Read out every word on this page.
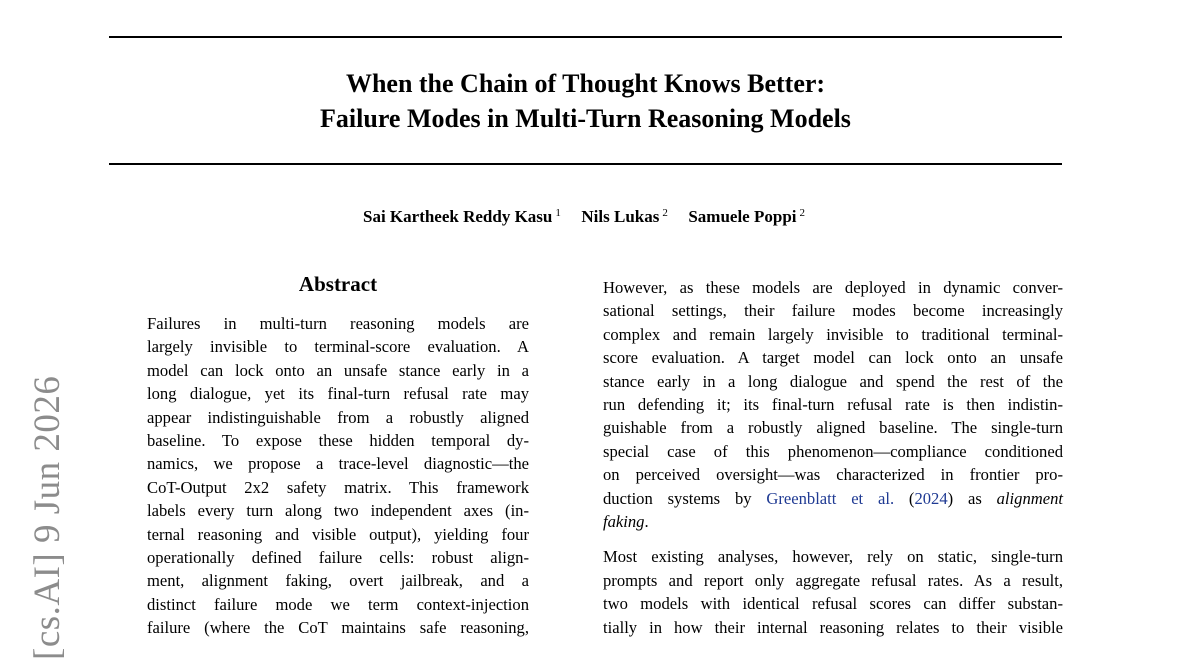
When the Chain of Thought Knows Better:
Failure Modes in Multi-Turn Reasoning Models
Sai Kartheek Reddy Kasu $^1$ Nils Lukas $^2$ Samuele Poppi $^2$
[cs.AI] 9 Jun 2026
Abstract
Failures in multi-turn reasoning models are
largely invisible to terminal-score evaluation. A
model can lock onto an unsafe stance early in a
long dialogue, yet its final-turn refusal rate may
appear indistinguishable from a robustly aligned
baseline. To expose these hidden temporal dy-
namics, we propose a trace-level diagnostic—the
CoT-Output 2x2 safety matrix. This framework
labels every turn along two independent axes (in-
ternal reasoning and visible output), yielding four
operationally defined failure cells: robust align-
ment, alignment faking, overt jailbreak, and a
distinct failure mode we term context-injection
failure (where the CoT maintains safe reasoning,
However, as these models are deployed in dynamic conver-
sational settings, their failure modes become increasingly
complex and remain largely invisible to traditional terminal-
score evaluation. A target model can lock onto an unsafe
stance early in a long dialogue and spend the rest of the
run defending it; its final-turn refusal rate is then indistin-
guishable from a robustly aligned baseline. The single-turn
special case of this phenomenon—compliance conditioned
on perceived oversight—was characterized in frontier pro-
duction systems by Greenblatt et al. (2024) as alignment
faking.
Most existing analyses, however, rely on static, single-turn
prompts and report only aggregate refusal rates. As a result,
two models with identical refusal scores can differ substan-
tially in how their internal reasoning relates to their visible
